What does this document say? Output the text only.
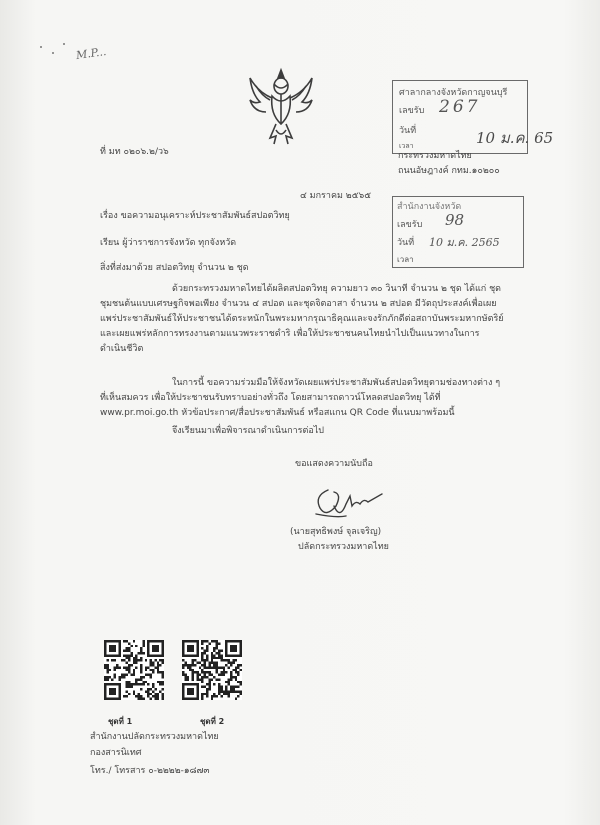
M.P...
ที่ มท ๐๒๐๖.๒/ว๖
ศาลากลางจังหวัดกาญจนบุรี
เลขรับ 267
วันที่
เวลา	10 ม.ค. 65
กระทรวงมหาดไทย
ถนนอัษฎางค์ กทม.๑๐๒๐๐
๔ มกราคม ๒๕๖๕
สำนักงานจังหวัด
เลขรับ 98
วันที่ 10 ม.ค. 2565
เวลา
เรื่อง ขอความอนุเคราะห์ประชาสัมพันธ์สปอตวิทยุ
เรียน ผู้ว่าราชการจังหวัด ทุกจังหวัด
สิ่งที่ส่งมาด้วย สปอตวิทยุ จำนวน ๒ ชุด
ด้วยกระทรวงมหาดไทยได้ผลิตสปอตวิทยุ ความยาว ๓๐ วินาที จำนวน ๒ ชุด ได้แก่ ชุดชุมชนต้นแบบเศรษฐกิจพอเพียง จำนวน ๔ สปอต และชุดจิตอาสา จำนวน ๒ สปอต มีวัตถุประสงค์เพื่อเผยแพร่ประชาสัมพันธ์ให้ประชาชนได้ตระหนักในพระมหากรุณาธิคุณและจงรักภักดีต่อสถาบันพระมหากษัตริย์ และเผยแพร่หลักการทรงงานตามแนวพระราชดำริ เพื่อให้ประชาชนคนไทยนำไปเป็นแนวทางในการดำเนินชีวิต
ในการนี้ ขอความร่วมมือให้จังหวัดเผยแพร่ประชาสัมพันธ์สปอตวิทยุตามช่องทางต่าง ๆ ที่เห็นสมควร เพื่อให้ประชาชนรับทราบอย่างทั่วถึง โดยสามารถดาวน์โหลดสปอตวิทยุ ได้ที่ www.pr.moi.go.th หัวข้อประกาศ/สื่อประชาสัมพันธ์ หรือสแกน QR Code ที่แนบมาพร้อมนี้
จึงเรียนมาเพื่อพิจารณาดำเนินการต่อไป
ขอแสดงความนับถือ
(นายสุทธิพงษ์ จุลเจริญ)
ปลัดกระทรวงมหาดไทย
ชุดที่ 1	ชุดที่ 2
สำนักงานปลัดกระทรวงมหาดไทย
กองสารนิเทศ
โทร./ โทรสาร ๐-๒๒๒๒-๑๘๗๓
